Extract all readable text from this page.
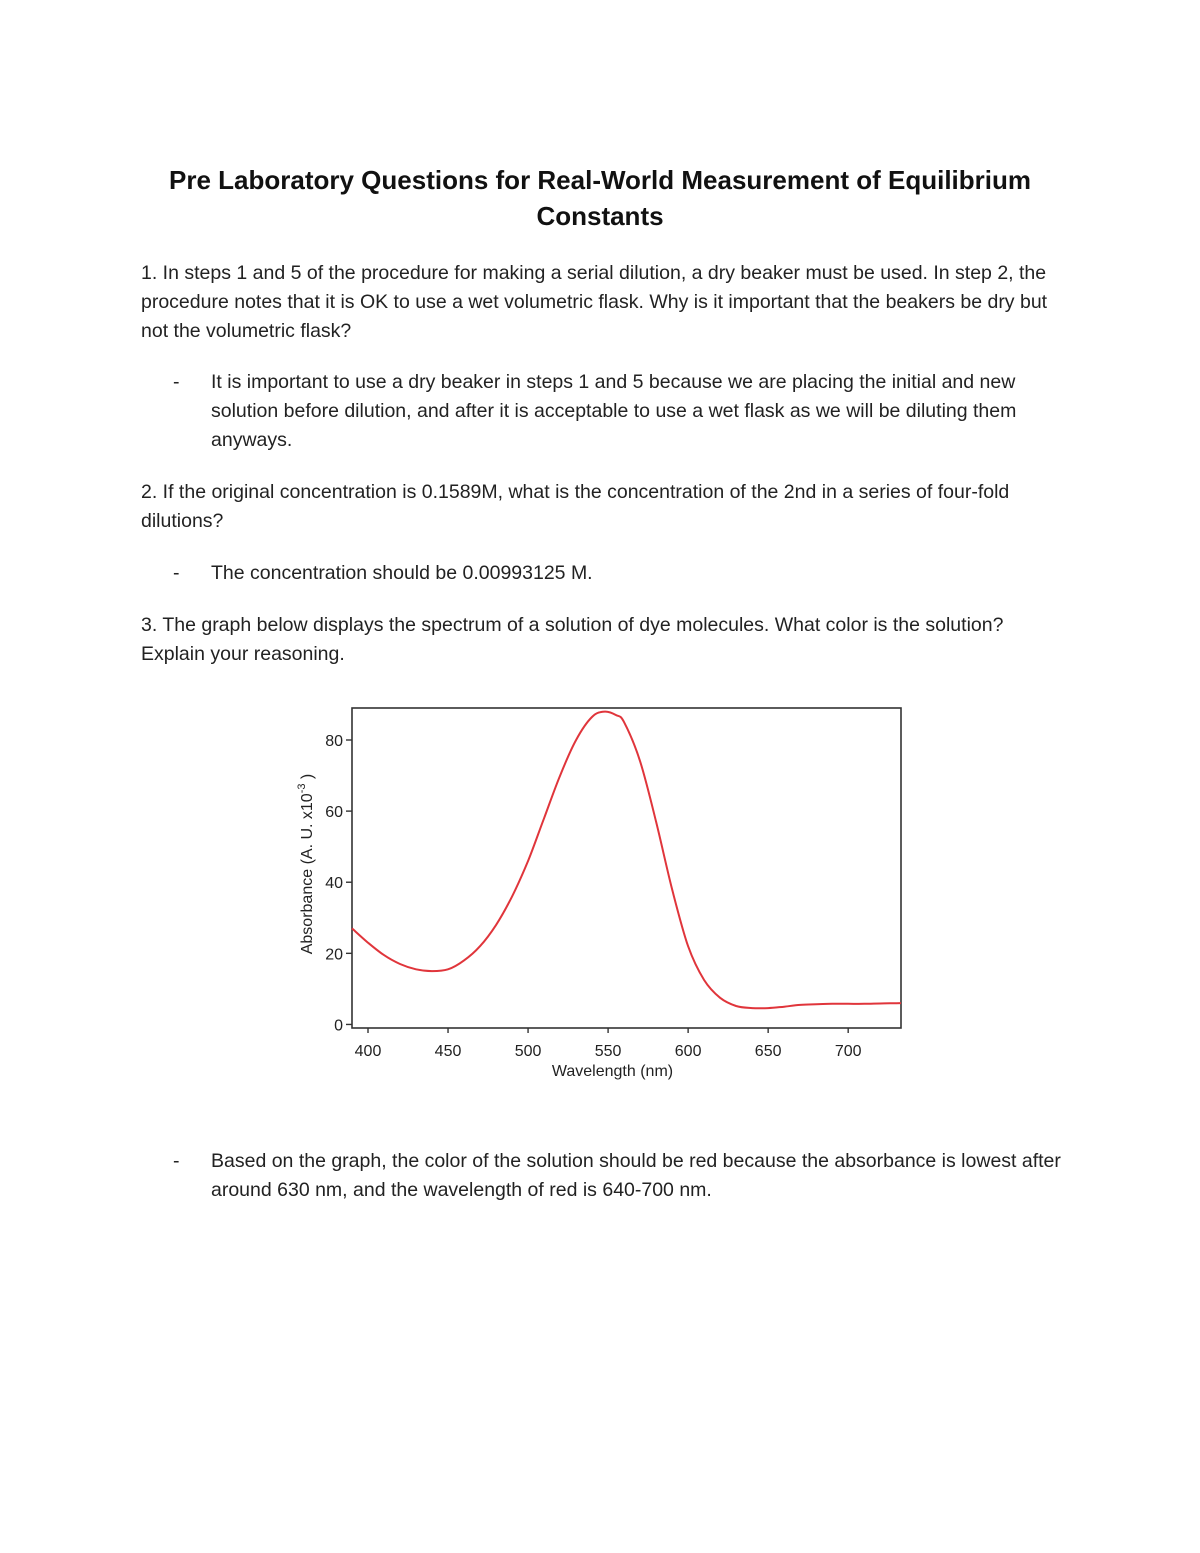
Pre Laboratory Questions for Real-World Measurement of Equilibrium Constants

1. In steps 1 and 5 of the procedure for making a serial dilution, a dry beaker must be used. In step 2, the procedure notes that it is OK to use a wet volumetric flask. Why is it important that the beakers be dry but not the volumetric flask?

- It is important to use a dry beaker in steps 1 and 5 because we are placing the initial and new solution before dilution, and after it is acceptable to use a wet flask as we will be diluting them anyways.

2. If the original concentration is 0.1589M, what is the concentration of the 2nd in a series of four-fold dilutions?

- The concentration should be 0.00993125 M.

3. The graph below displays the spectrum of a solution of dye molecules. What color is the solution? Explain your reasoning.

400	450	500	550	600	650	700
0
20
40
60
80
Wavelength (nm)
Absorbance (A. U. $x10^{-3}$ )
- Based on the graph, the color of the solution should be red because the absorbance is lowest after around 630 nm, and the wavelength of red is 640-700 nm.
